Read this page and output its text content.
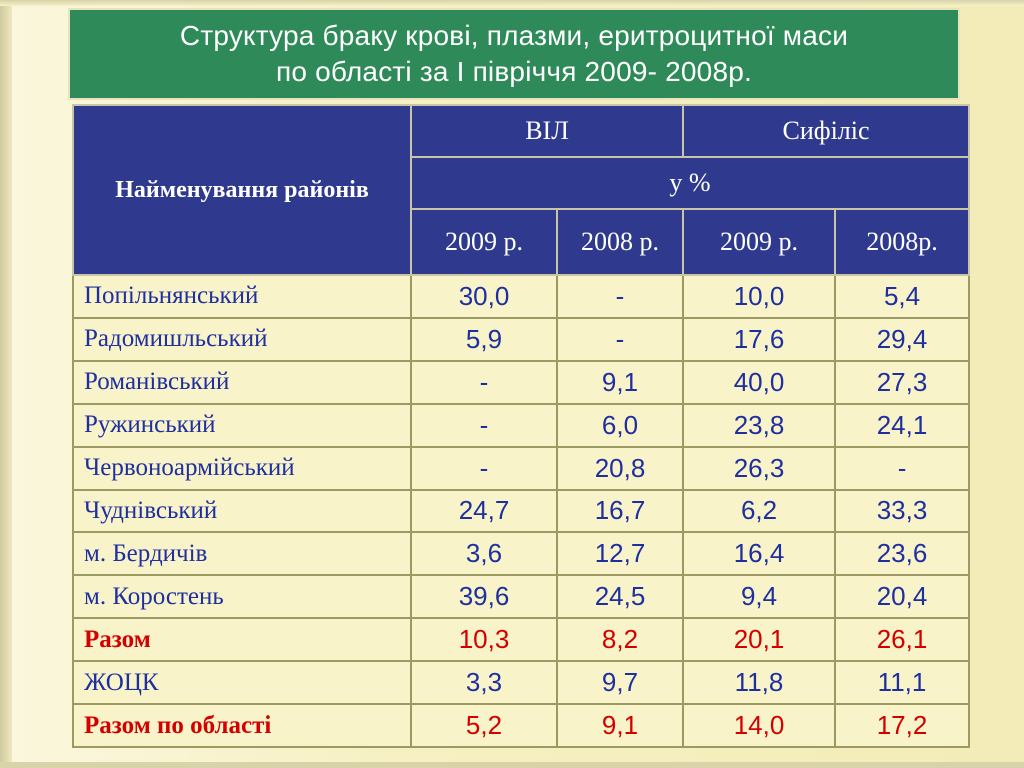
Структура браку крові, плазми, еритроцитної маси
по області за І півріччя 2009- 2008р.
Найменування районів	ВІЛ		Сифіліс	
	у %			
	2009 р.	2008 р.	2009 р.	2008р.
Попільнянський	30,0	-	10,0	5,4
Радомишльський	5,9	-	17,6	29,4
Романівський	-	9,1	40,0	27,3
Ружинський	-	6,0	23,8	24,1
Червоноармійський	-	20,8	26,3	-
Чуднівський	24,7	16,7	6,2	33,3
м. Бердичів	3,6	12,7	16,4	23,6
м. Коростень	39,6	24,5	9,4	20,4
Разом	10,3	8,2	20,1	26,1
ЖОЦК	3,3	9,7	11,8	11,1
Разом по області	5,2	9,1	14,0	17,2
